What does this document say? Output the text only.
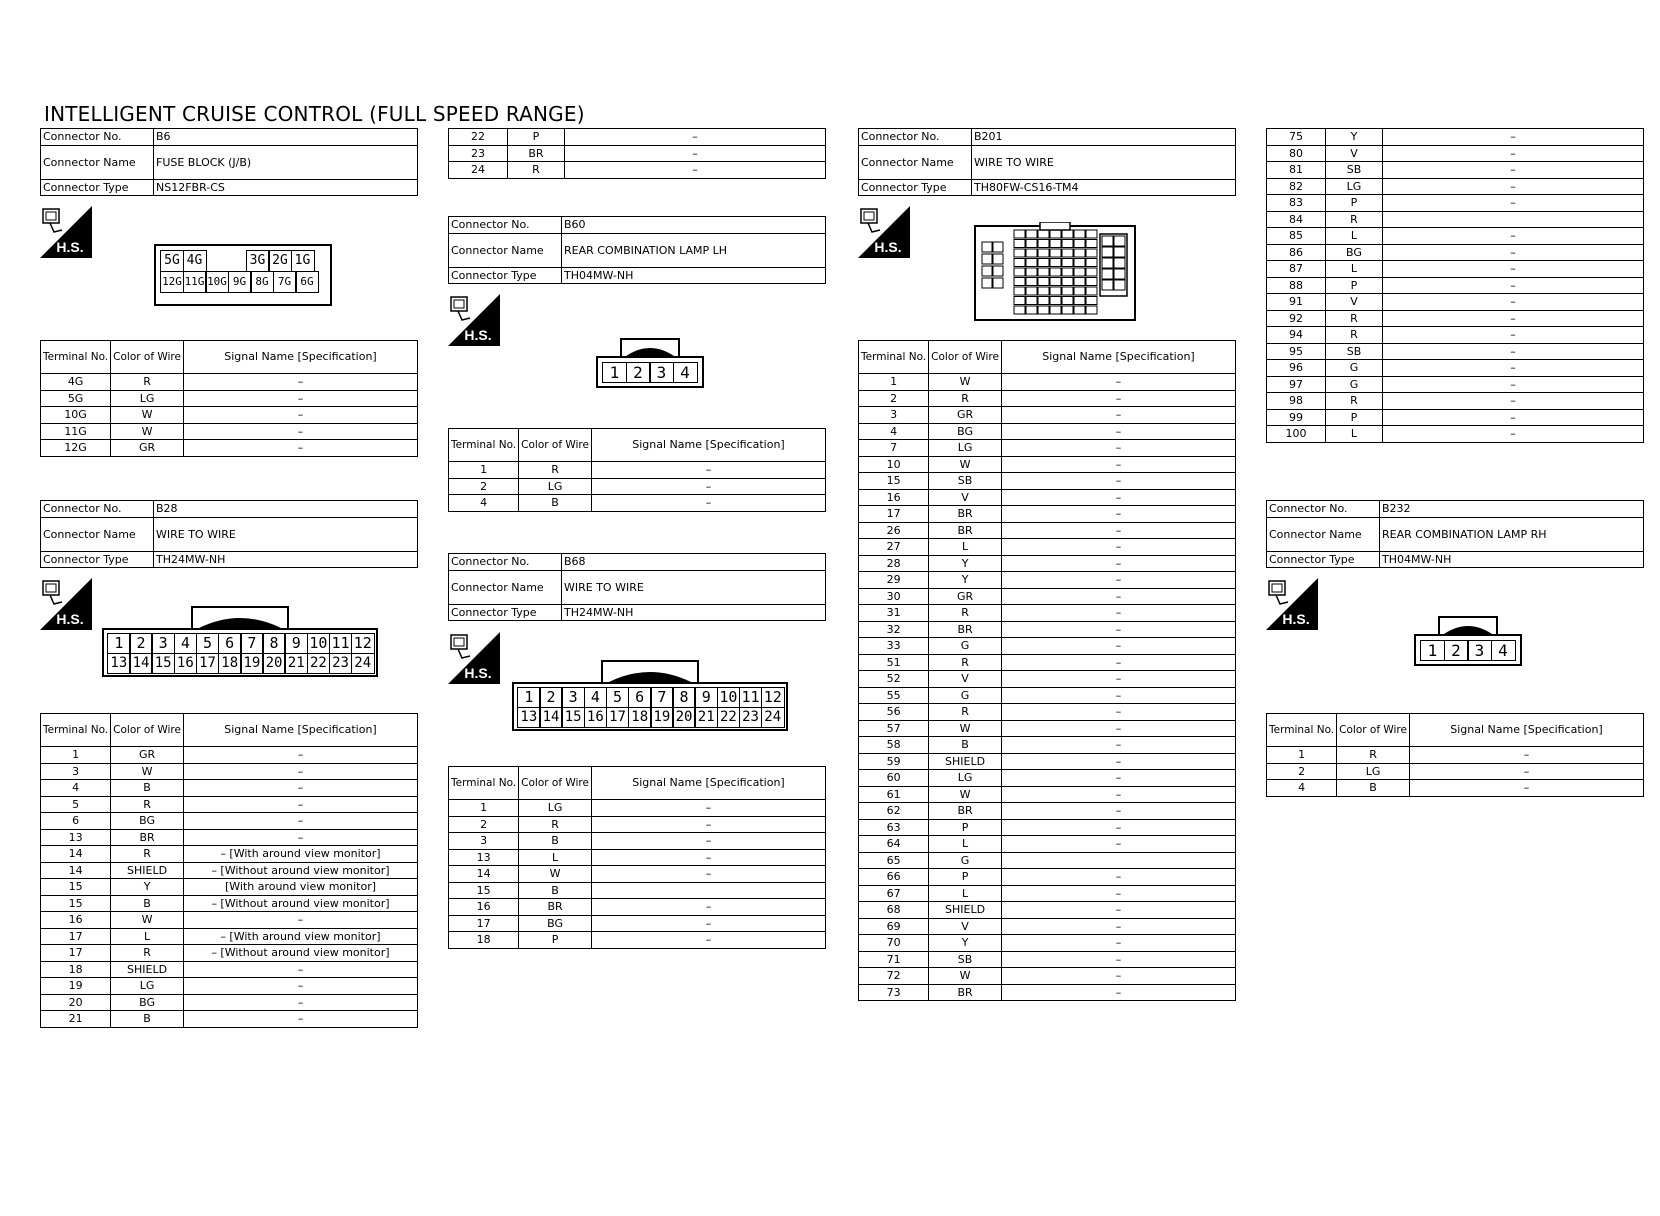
INTELLIGENT CRUISE CONTROL (FULL SPEED RANGE)
Connector No.	B6
Connector Name	FUSE BLOCK (J/B)
Connector Type	NS12FBR-CS
H.S.
5G 4G	3G 2G 1G
12G 11G 10G 9G 8G 7G 6G
Terminal No.	Color of Wire	Signal Name [Specification]
4G	R	–
5G	LG	–
10G	W	–
11G	W	–
12G	GR	–
Connector No.	B28
Connector Name	WIRE TO WIRE
Connector Type	TH24MW-NH
H.S.
1 2 3 4 5 6 7 8 9 10 11 12
13 14 15 16 17 18 19 20 21 22 23 24
Terminal No.	Color of Wire	Signal Name [Specification]
1	GR	–
3	W	–
4	B	–
5	R	–
6	BG	–
13	BR	–
14	R	– [With around view monitor]
14	SHIELD	– [Without around view monitor]
15	Y	[With around view monitor]
15	B	– [Without around view monitor]
16	W	–
17	L	– [With around view monitor]
17	R	– [Without around view monitor]
18	SHIELD	–
19	LG	–
20	BG	–
21	B	–
22	P	–
23	BR	–
24	R	–
Connector No.	B60
Connector Name	REAR COMBINATION LAMP LH
Connector Type	TH04MW-NH
H.S.
1 2 3 4
Terminal No.	Color of Wire	Signal Name [Specification]
1	R	–
2	LG	–
4	B	–
Connector No.	B68
Connector Name	WIRE TO WIRE
Connector Type	TH24MW-NH
H.S.
1 2 3 4 5 6 7 8 9 10 11 12
13 14 15 16 17 18 19 20 21 22 23 24
Terminal No.	Color of Wire	Signal Name [Specification]
1	LG	–
2	R	–
3	B	–
13	L	–
14	W	–
15	B	
16	BR	–
17	BG	–
18	P	–
Connector No.	B201
Connector Name	WIRE TO WIRE
Connector Type	TH80FW-CS16-TM4
H.S.
Terminal No.	Color of Wire	Signal Name [Specification]
1	W	–
2	R	–
3	GR	–
4	BG	–
7	LG	–
10	W	–
15	SB	–
16	V	–
17	BR	–
26	BR	–
27	L	–
28	Y	–
29	Y	–
30	GR	–
31	R	–
32	BR	–
33	G	–
51	R	–
52	V	–
55	G	–
56	R	–
57	W	–
58	B	–
59	SHIELD	–
60	LG	–
61	W	–
62	BR	–
63	P	–
64	L	–
65	G	
66	P	–
67	L	–
68	SHIELD	–
69	V	–
70	Y	–
71	SB	–
72	W	–
73	BR	–
75	Y	–
80	V	–
81	SB	–
82	LG	–
83	P	–
84	R	
85	L	–
86	BG	–
87	L	–
88	P	–
91	V	–
92	R	–
94	R	–
95	SB	–
96	G	–
97	G	–
98	R	–
99	P	–
100	L	–
Connector No.	B232
Connector Name	REAR COMBINATION LAMP RH
Connector Type	TH04MW-NH
H.S.
1 2 3 4
Terminal No.	Color of Wire	Signal Name [Specification]
1	R	–
2	LG	–
4	B	–
